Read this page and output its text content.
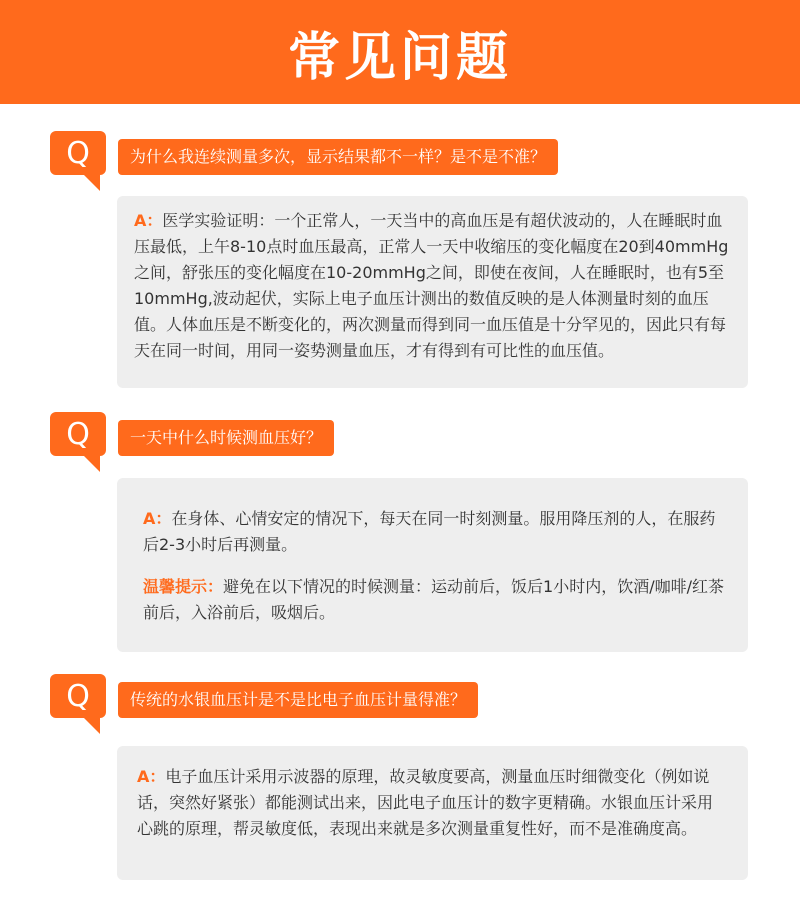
常见问题
Q	为什么我连续测量多次，显示结果都不一样？是不是不准？

A：医学实验证明：一个正常人，一天当中的高血压是有超伏波动的，人在睡眠时血压最低，上午8-10点时血压最高，正常人一天中收缩压的变化幅度在20到40mmHg之间，舒张压的变化幅度在10-20mmHg之间，即使在夜间，人在睡眠时，也有5至10mmHg,波动起伏，实际上电子血压计测出的数值反映的是人体测量时刻的血压值。人体血压是不断变化的，两次测量而得到同一血压值是十分罕见的，因此只有每天在同一时间，用同一姿势测量血压，才有得到有可比性的血压值。

Q	一天中什么时候测血压好？

A：在身体、心情安定的情况下，每天在同一时刻测量。服用降压剂的人，在服药后2-3小时后再测量。

温馨提示：避免在以下情况的时候测量：运动前后，饭后1小时内，饮酒/咖啡/红茶前后，入浴前后，吸烟后。

Q	传统的水银血压计是不是比电子血压计量得准？

A：电子血压计采用示波器的原理，故灵敏度要高，测量血压时细微变化（例如说话，突然好紧张）都能测试出来，因此电子血压计的数字更精确。水银血压计采用心跳的原理，帮灵敏度低，表现出来就是多次测量重复性好，而不是准确度高。
